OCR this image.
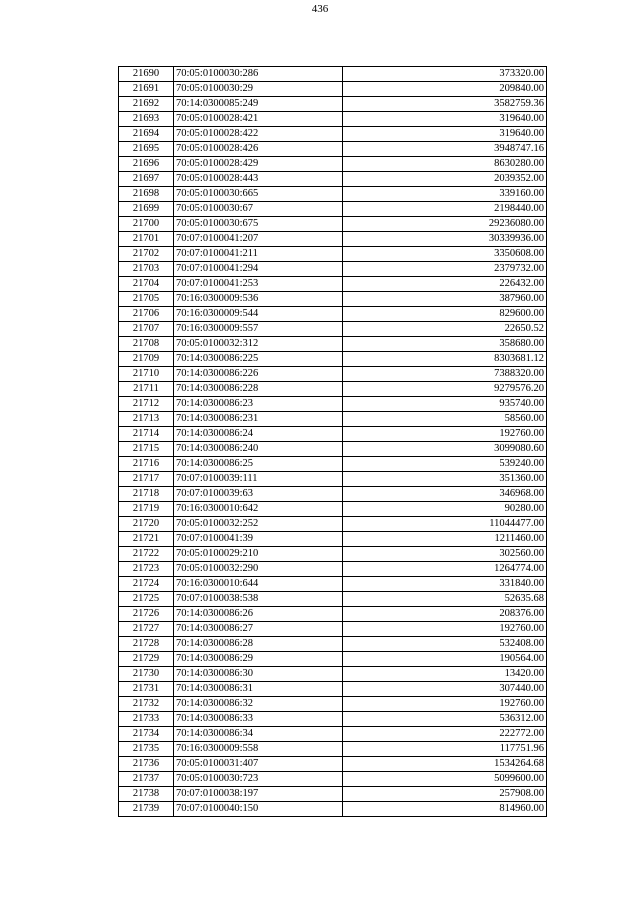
436
21690	70:05:0100030:286	373320.00
21691	70:05:0100030:29	209840.00
21692	70:14:0300085:249	3582759.36
21693	70:05:0100028:421	319640.00
21694	70:05:0100028:422	319640.00
21695	70:05:0100028:426	3948747.16
21696	70:05:0100028:429	8630280.00
21697	70:05:0100028:443	2039352.00
21698	70:05:0100030:665	339160.00
21699	70:05:0100030:67	2198440.00
21700	70:05:0100030:675	29236080.00
21701	70:07:0100041:207	30339936.00
21702	70:07:0100041:211	3350608.00
21703	70:07:0100041:294	2379732.00
21704	70:07:0100041:253	226432.00
21705	70:16:0300009:536	387960.00
21706	70:16:0300009:544	829600.00
21707	70:16:0300009:557	22650.52
21708	70:05:0100032:312	358680.00
21709	70:14:0300086:225	8303681.12
21710	70:14:0300086:226	7388320.00
21711	70:14:0300086:228	9279576.20
21712	70:14:0300086:23	935740.00
21713	70:14:0300086:231	58560.00
21714	70:14:0300086:24	192760.00
21715	70:14:0300086:240	3099080.60
21716	70:14:0300086:25	539240.00
21717	70:07:0100039:111	351360.00
21718	70:07:0100039:63	346968.00
21719	70:16:0300010:642	90280.00
21720	70:05:0100032:252	11044477.00
21721	70:07:0100041:39	1211460.00
21722	70:05:0100029:210	302560.00
21723	70:05:0100032:290	1264774.00
21724	70:16:0300010:644	331840.00
21725	70:07:0100038:538	52635.68
21726	70:14:0300086:26	208376.00
21727	70:14:0300086:27	192760.00
21728	70:14:0300086:28	532408.00
21729	70:14:0300086:29	190564.00
21730	70:14:0300086:30	13420.00
21731	70:14:0300086:31	307440.00
21732	70:14:0300086:32	192760.00
21733	70:14:0300086:33	536312.00
21734	70:14:0300086:34	222772.00
21735	70:16:0300009:558	117751.96
21736	70:05:0100031:407	1534264.68
21737	70:05:0100030:723	5099600.00
21738	70:07:0100038:197	257908.00
21739	70:07:0100040:150	814960.00
